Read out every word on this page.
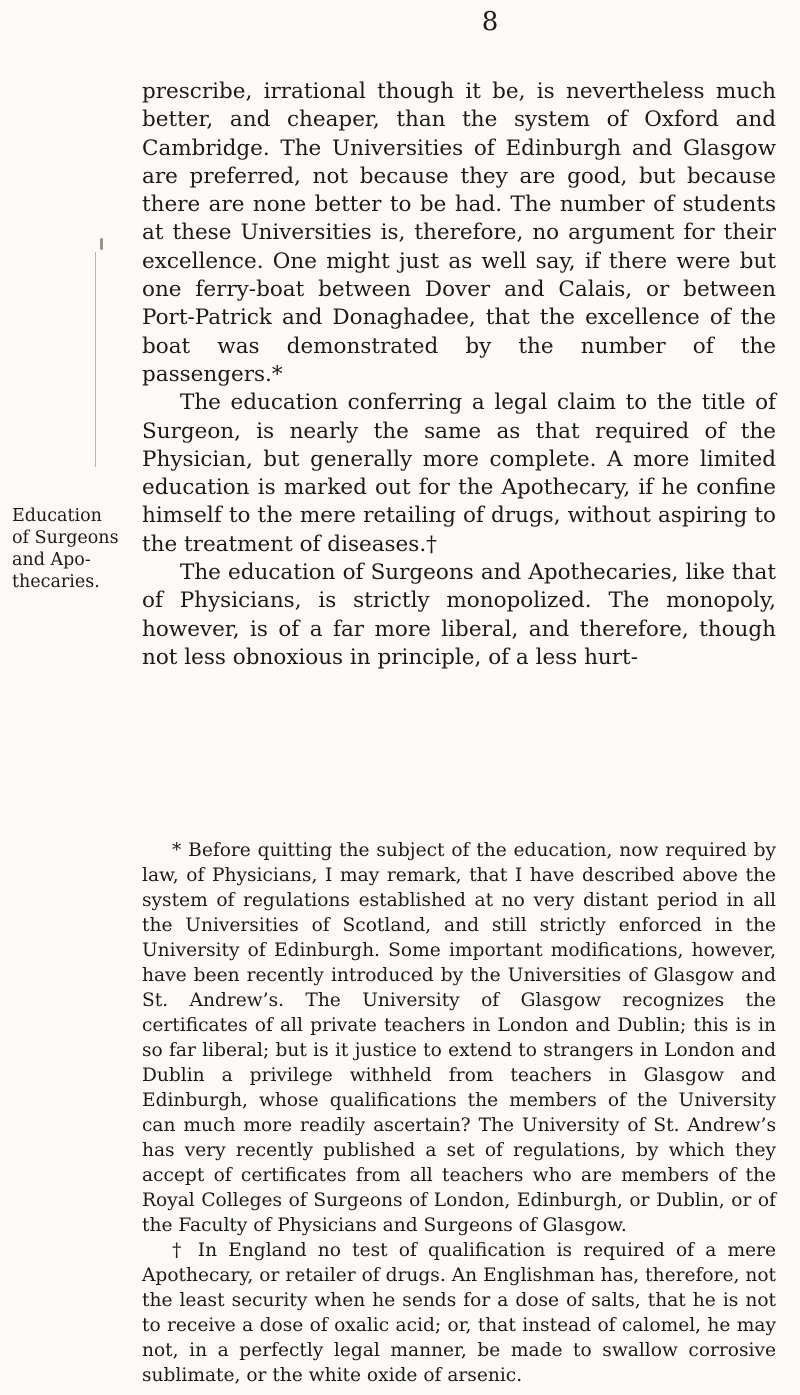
8
Education
of Surgeons
and Apo-
thecaries.

prescribe, irrational though it be, is nevertheless much better, and cheaper, than the system of Oxford and Cambridge. The Universities of Edinburgh and Glasgow are preferred, not because they are good, but because there are none better to be had. The number of students at these Universities is, therefore, no argument for their excellence. One might just as well say, if there were but one ferry-boat between Dover and Calais, or between Port-Patrick and Donaghadee, that the excellence of the boat was demonstrated by the number of the passengers.*

The education conferring a legal claim to the title of Surgeon, is nearly the same as that required of the Physician, but generally more complete. A more limited education is marked out for the Apothecary, if he confine himself to the mere retailing of drugs, without aspiring to the treatment of diseases.†

The education of Surgeons and Apothecaries, like that of Physicians, is strictly monopolized. The monopoly, however, is of a far more liberal, and therefore, though not less obnoxious in principle, of a less hurt-

* Before quitting the subject of the education, now required by law, of Physicians, I may remark, that I have described above the system of regulations established at no very distant period in all the Universities of Scotland, and still strictly enforced in the University of Edinburgh. Some important modifications, however, have been recently introduced by the Universities of Glasgow and St. Andrew’s. The University of Glasgow recognizes the certificates of all private teachers in London and Dublin; this is in so far liberal; but is it justice to extend to strangers in London and Dublin a privilege withheld from teachers in Glasgow and Edinburgh, whose qualifications the members of the University can much more readily ascertain? The University of St. Andrew’s has very recently published a set of regulations, by which they accept of certificates from all teachers who are members of the Royal Colleges of Surgeons of London, Edinburgh, or Dublin, or of the Faculty of Physicians and Surgeons of Glasgow.

† In England no test of qualification is required of a mere Apothecary, or retailer of drugs. An Englishman has, therefore, not the least security when he sends for a dose of salts, that he is not to receive a dose of oxalic acid; or, that instead of calomel, he may not, in a perfectly legal manner, be made to swallow corrosive sublimate, or the white oxide of arsenic.
